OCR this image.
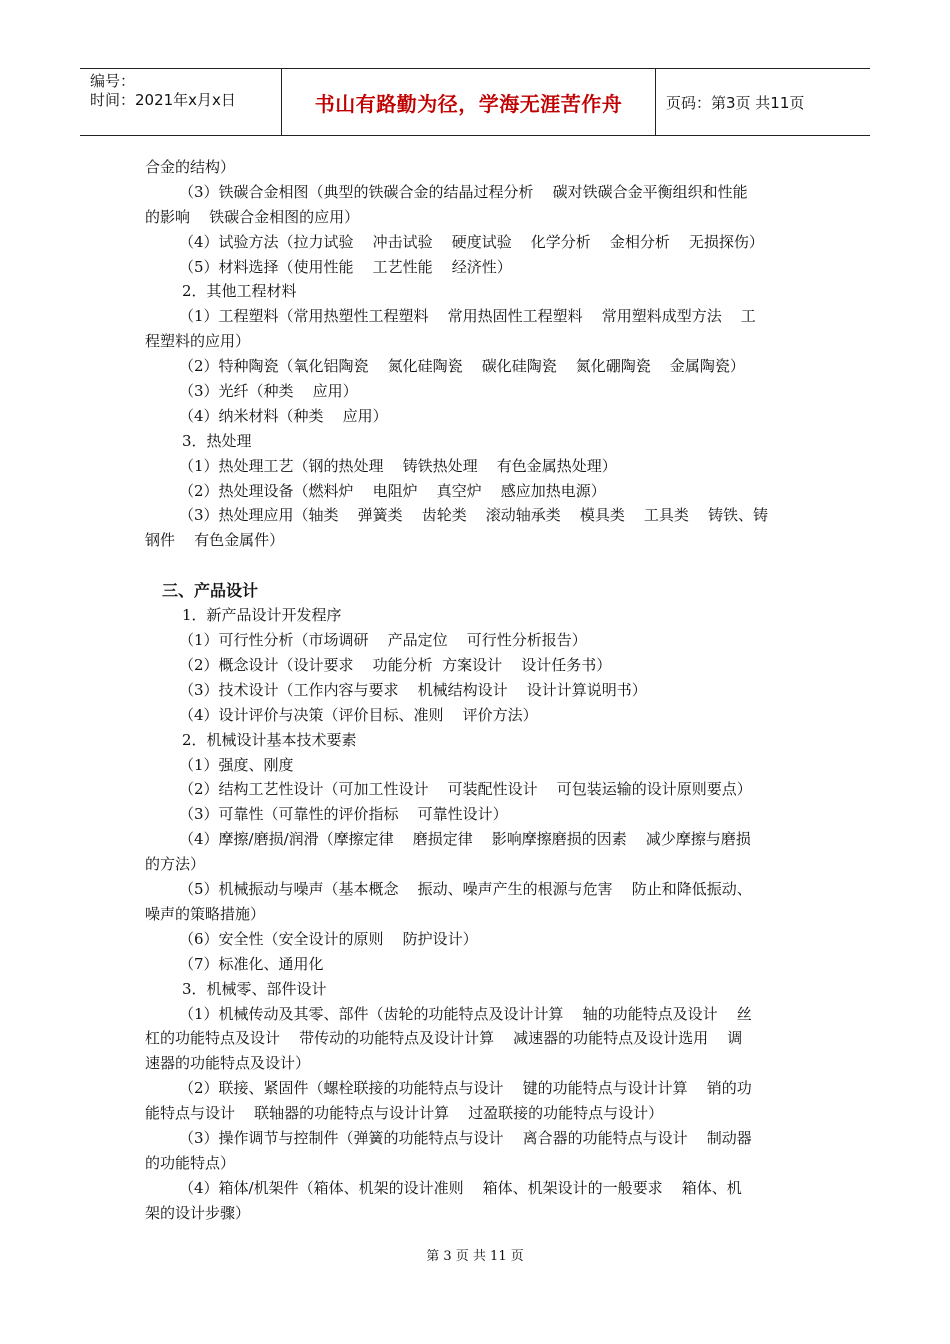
编号：
时间：2021年x月x日	书山有路勤为径，学海无涯苦作舟	页码：第3页 共11页
合金的结构）
（3）铁碳合金相图（典型的铁碳合金的结晶过程分析    碳对铁碳合金平衡组织和性能
的影响    铁碳合金相图的应用）
（4）试验方法（拉力试验    冲击试验    硬度试验    化学分析    金相分析    无损探伤）
（5）材料选择（使用性能    工艺性能    经济性）
2．其他工程材料
（1）工程塑料（常用热塑性工程塑料    常用热固性工程塑料    常用塑料成型方法    工
程塑料的应用）
（2）特种陶瓷（氧化铝陶瓷    氮化硅陶瓷    碳化硅陶瓷    氮化硼陶瓷    金属陶瓷）
（3）光纤（种类    应用）
（4）纳米材料（种类    应用）
3．热处理
（1）热处理工艺（钢的热处理    铸铁热处理    有色金属热处理）
（2）热处理设备（燃料炉    电阻炉    真空炉    感应加热电源）
（3）热处理应用（轴类    弹簧类    齿轮类    滚动轴承类    模具类    工具类    铸铁、铸
钢件    有色金属件）
三、产品设计
1．新产品设计开发程序
（1）可行性分析（市场调研    产品定位    可行性分析报告）
（2）概念设计（设计要求    功能分析  方案设计    设计任务书）
（3）技术设计（工作内容与要求    机械结构设计    设计计算说明书）
（4）设计评价与决策（评价目标、准则    评价方法）
2．机械设计基本技术要素
（1）强度、刚度
（2）结构工艺性设计（可加工性设计    可装配性设计    可包装运输的设计原则要点）
（3）可靠性（可靠性的评价指标    可靠性设计）
（4）摩擦/磨损/润滑（摩擦定律    磨损定律    影响摩擦磨损的因素    减少摩擦与磨损
的方法）
（5）机械振动与噪声（基本概念    振动、噪声产生的根源与危害    防止和降低振动、
噪声的策略措施）
（6）安全性（安全设计的原则    防护设计）
（7）标准化、通用化
3．机械零、部件设计
（1）机械传动及其零、部件（齿轮的功能特点及设计计算    轴的功能特点及设计    丝
杠的功能特点及设计    带传动的功能特点及设计计算    减速器的功能特点及设计选用    调
速器的功能特点及设计）
（2）联接、紧固件（螺栓联接的功能特点与设计    键的功能特点与设计计算    销的功
能特点与设计    联轴器的功能特点与设计计算    过盈联接的功能特点与设计）
（3）操作调节与控制件（弹簧的功能特点与设计    离合器的功能特点与设计    制动器
的功能特点）
（4）箱体/机架件（箱体、机架的设计准则    箱体、机架设计的一般要求    箱体、机
架的设计步骤）
第 3 页 共 11 页
